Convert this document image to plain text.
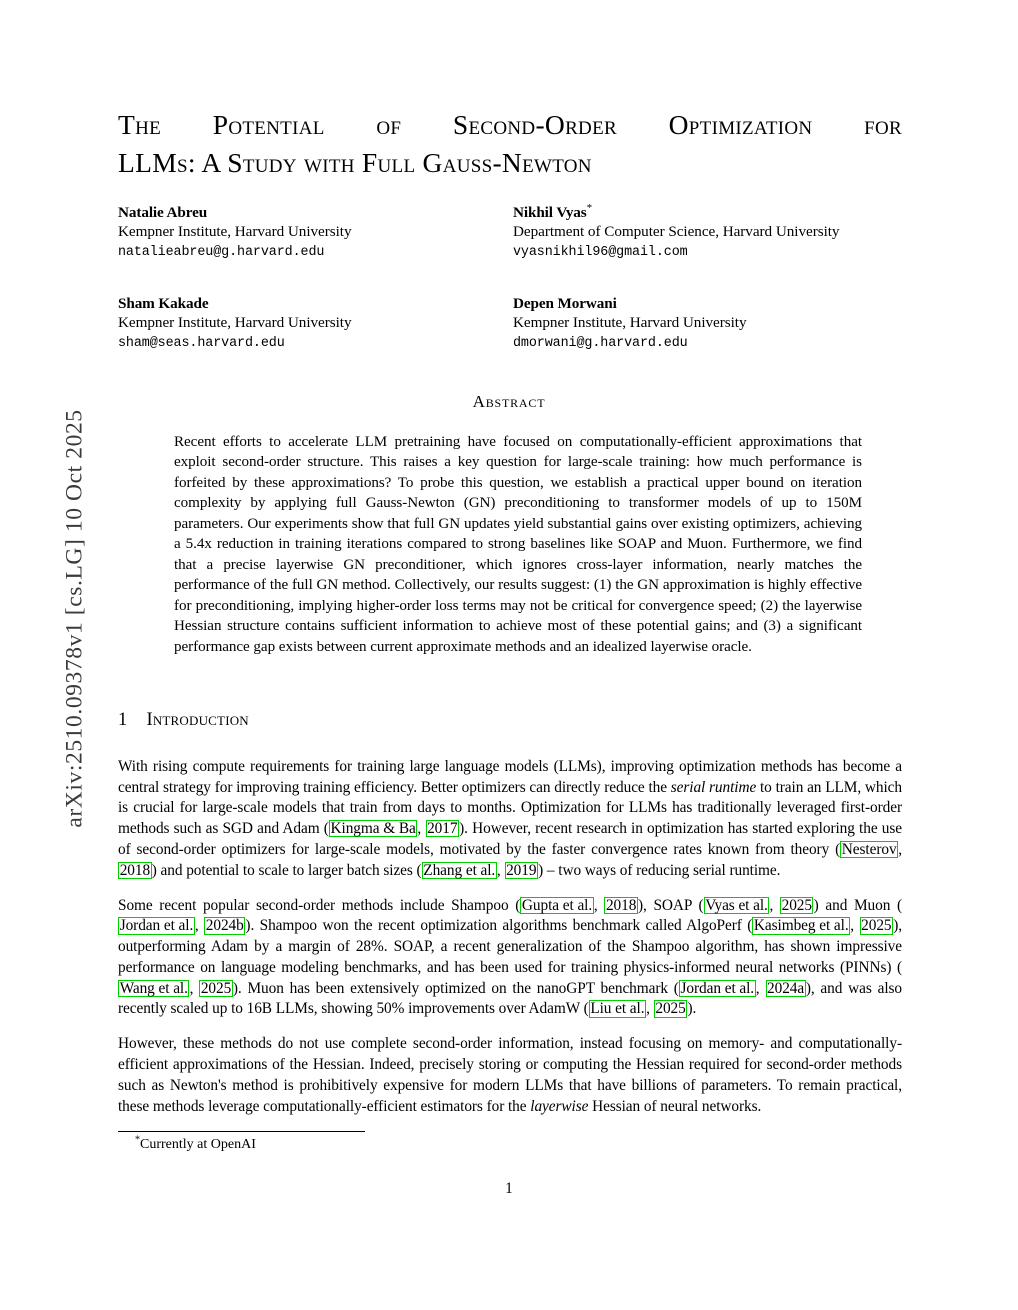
arXiv:2510.09378v1 [cs.LG] 10 Oct 2025
The Potential of Second-Order Optimization for
LLMs: A Study with Full Gauss-Newton
Natalie Abreu
Kempner Institute, Harvard University
natalieabreu@g.harvard.edu
Nikhil Vyas*
Department of Computer Science, Harvard University
vyasnikhil96@gmail.com
Sham Kakade
Kempner Institute, Harvard University
sham@seas.harvard.edu
Depen Morwani
Kempner Institute, Harvard University
dmorwani@g.harvard.edu
Abstract
Recent efforts to accelerate LLM pretraining have focused on computationally-efficient approximations that exploit second-order structure. This raises a key question for large-scale training: how much performance is forfeited by these approximations? To probe this question, we establish a practical upper bound on iteration complexity by applying full Gauss-Newton (GN) preconditioning to transformer models of up to 150M parameters. Our experiments show that full GN updates yield substantial gains over existing optimizers, achieving a 5.4x reduction in training iterations compared to strong baselines like SOAP and Muon. Furthermore, we find that a precise layerwise GN preconditioner, which ignores cross-layer information, nearly matches the performance of the full GN method. Collectively, our results suggest: (1) the GN approximation is highly effective for preconditioning, implying higher-order loss terms may not be critical for convergence speed; (2) the layerwise Hessian structure contains sufficient information to achieve most of these potential gains; and (3) a significant performance gap exists between current approximate methods and an idealized layerwise oracle.
1 Introduction

With rising compute requirements for training large language models (LLMs), improving optimization methods has become a central strategy for improving training efficiency. Better optimizers can directly reduce the serial runtime to train an LLM, which is crucial for large-scale models that train from days to months. Optimization for LLMs has traditionally leveraged first-order methods such as SGD and Adam ( Kingma & Ba , 2017 ). However, recent research in optimization has started exploring the use of second-order optimizers for large-scale models, motivated by the faster convergence rates known from theory ( Nesterov , 2018 ) and potential to scale to larger batch sizes ( Zhang et al. , 2019 ) – two ways of reducing serial runtime.

Some recent popular second-order methods include Shampoo ( Gupta et al. , 2018 ), SOAP ( Vyas et al. , 2025 ) and Muon (Jordan et al. , 2024b ). Shampoo won the recent optimization algorithms benchmark called AlgoPerf ( Kasimbeg et al. , 2025 ), outperforming Adam by a margin of 28%. SOAP, a recent generalization of the Shampoo algorithm, has shown impressive performance on language modeling benchmarks, and has been used for training physics-informed neural networks (PINNs) (Wang et al. , 2025 ). Muon has been extensively optimized on the nanoGPT benchmark ( Jordan et al. , 2024a ), and was also recently scaled up to 16B LLMs, showing 50% improvements over AdamW ( Liu et al. , 2025 ).

However, these methods do not use complete second-order information, instead focusing on memory- and computationally-efficient approximations of the Hessian. Indeed, precisely storing or computing the Hessian required for second-order methods such as Newton's method is prohibitively expensive for modern LLMs that have billions of parameters. To remain practical, these methods leverage computationally-efficient estimators for the layerwise Hessian of neural networks.

*Currently at OpenAI
1
